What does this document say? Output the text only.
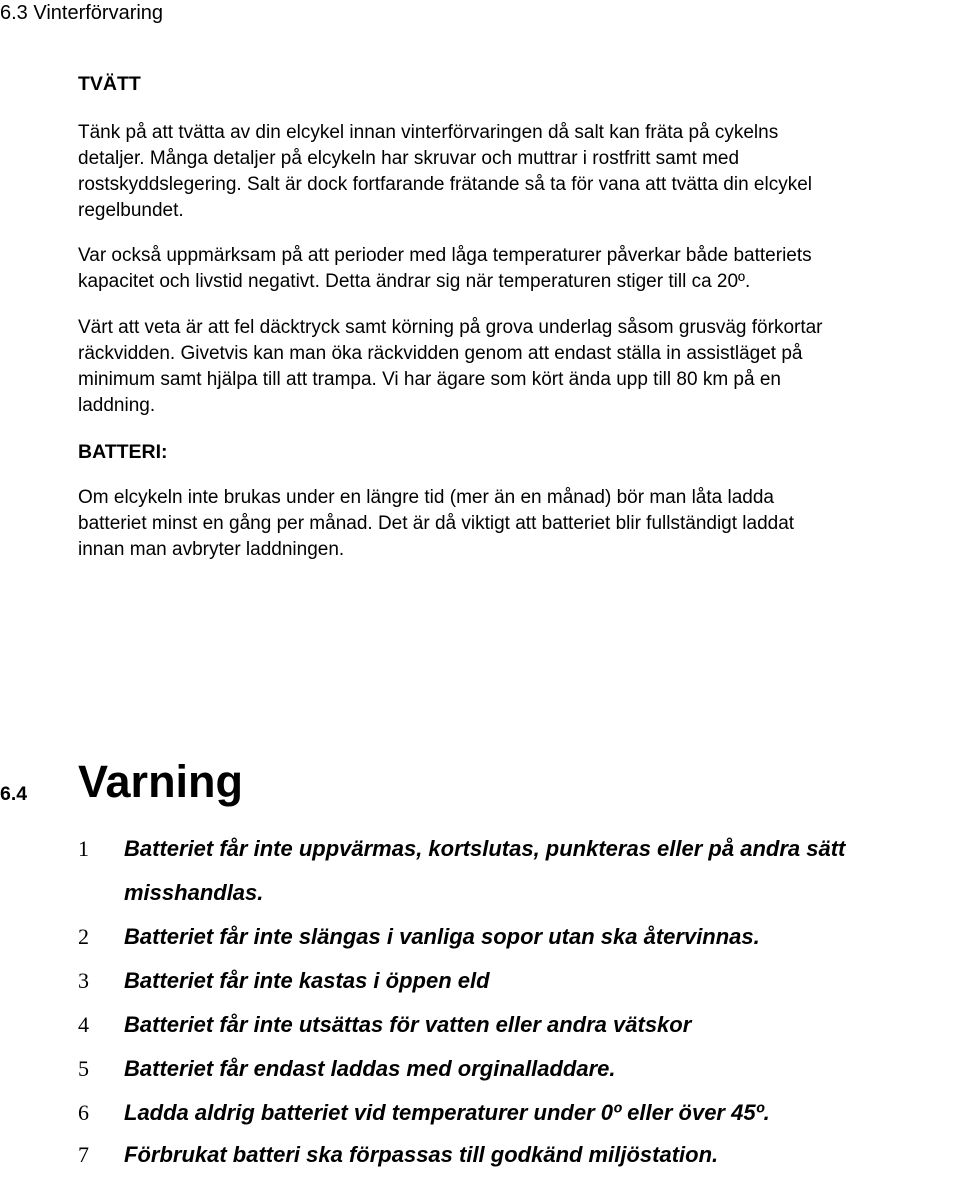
6.3 Vinterförvaring
TVÄTT
Tänk på att tvätta av din elcykel innan vinterförvaringen då salt kan fräta på cykelns
detaljer. Många detaljer på elcykeln har skruvar och muttrar i rostfritt samt med
rostskyddslegering. Salt är dock fortfarande frätande så ta för vana att tvätta din elcykel
regelbundet.
Var också uppmärksam på att perioder med låga temperaturer påverkar både batteriets
kapacitet och livstid negativt. Detta ändrar sig när temperaturen stiger till ca 20º.
Värt att veta är att fel däcktryck samt körning på grova underlag såsom grusväg förkortar
räckvidden. Givetvis kan man öka räckvidden genom att endast ställa in assistläget på
minimum samt hjälpa till att trampa. Vi har ägare som kört ända upp till 80 km på en
laddning.
BATTERI:
Om elcykeln inte brukas under en längre tid (mer än en månad) bör man låta ladda
batteriet minst en gång per månad. Det är då viktigt att batteriet blir fullständigt laddat
innan man avbryter laddningen.
6.4 Varning
1 Batteriet får inte uppvärmas, kortslutas, punkteras eller på andra sätt
misshandlas.
2 Batteriet får inte slängas i vanliga sopor utan ska återvinnas.
3 Batteriet får inte kastas i öppen eld
4 Batteriet får inte utsättas för vatten eller andra vätskor
5 Batteriet får endast laddas med orginalladdare.
6 Ladda aldrig batteriet vid temperaturer under 0º eller över 45º.
7 Förbrukat batteri ska förpassas till godkänd miljöstation.
